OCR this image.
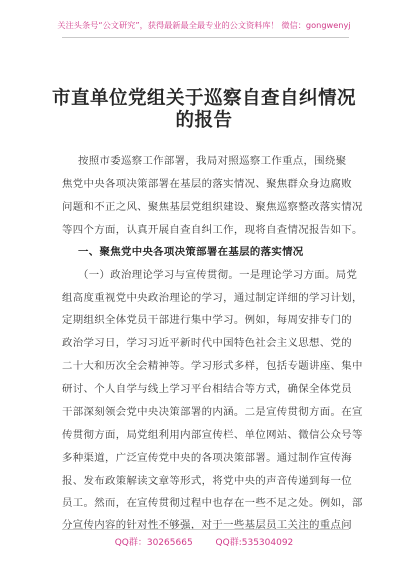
关注头条号“公文研究”，获得最新最全最专业的公文资料库！ 微信：gongwenyj
市直单位党组关于巡察自查自纠情况
的报告
按照市委巡察工作部署，我局对照巡察工作重点，围绕聚
焦党中央各项决策部署在基层的落实情况、聚焦群众身边腐败
问题和不正之风、聚焦基层党组织建设、聚焦巡察整改落实情况
等四个方面，认真开展自查自纠工作，现将自查情况报告如下。
一、聚焦党中央各项决策部署在基层的落实情况
（一）政治理论学习与宣传贯彻。一是理论学习方面。局党
组高度重视党中央政治理论的学习，通过制定详细的学习计划，
定期组织全体党员干部进行集中学习。例如，每周安排专门的
政治学习日，学习习近平新时代中国特色社会主义思想、党的
二十大和历次全会精神等。学习形式多样，包括专题讲座、集中
研讨、个人自学与线上学习平台相结合等方式，确保全体党员
干部深刻领会党中央决策部署的内涵。二是宣传贯彻方面。在宣
传贯彻方面，局党组利用内部宣传栏、单位网站、微信公众号等
多种渠道，广泛宣传党中央的各项决策部署。通过制作宣传海
报、发布政策解读文章等形式，将党中央的声音传递到每一位
员工。然而，在宣传贯彻过程中也存在一些不足之处。例如，部
分宣传内容的针对性不够强，对于一些基层员工关注的重点问
QQ群：30265665	QQ群:535304092
